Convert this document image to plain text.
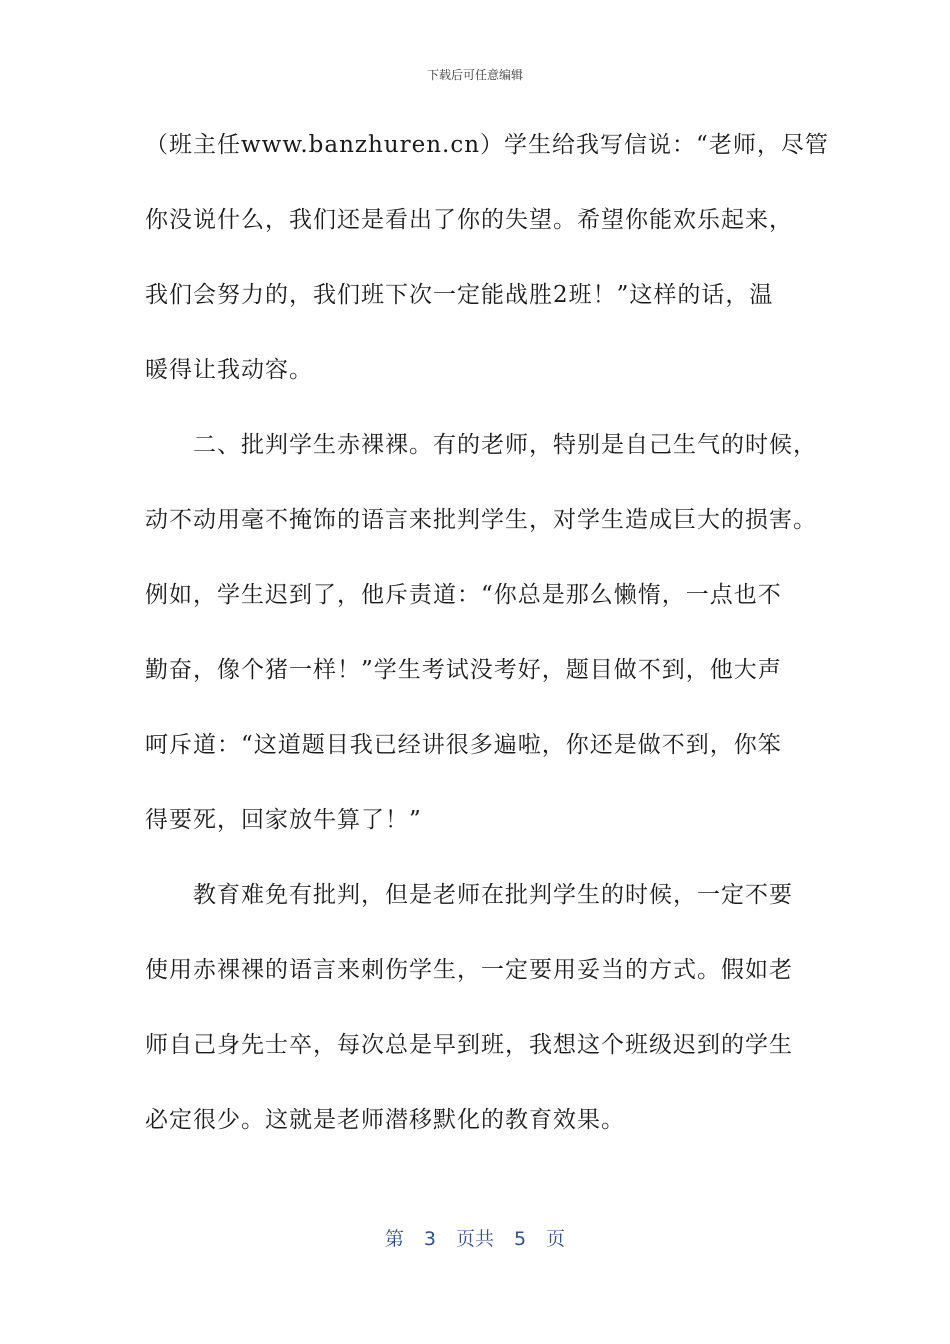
下载后可任意编辑
（班主任www.banzhuren.cn）学生给我写信说：“老师，尽管
你没说什么，我们还是看出了你的失望。希望你能欢乐起来，
我们会努力的，我们班下次一定能战胜2班！”这样的话，温
暖得让我动容。
二、批判学生赤裸裸。有的老师，特别是自己生气的时候，
动不动用毫不掩饰的语言来批判学生，对学生造成巨大的损害。
例如，学生迟到了，他斥责道：“你总是那么懒惰，一点也不
勤奋，像个猪一样！”学生考试没考好，题目做不到，他大声
呵斥道：“这道题目我已经讲很多遍啦，你还是做不到，你笨
得要死，回家放牛算了！”
教育难免有批判，但是老师在批判学生的时候，一定不要
使用赤裸裸的语言来刺伤学生，一定要用妥当的方式。假如老
师自己身先士卒，每次总是早到班，我想这个班级迟到的学生
必定很少。这就是老师潜移默化的教育效果。
第 3 页共 5 页
